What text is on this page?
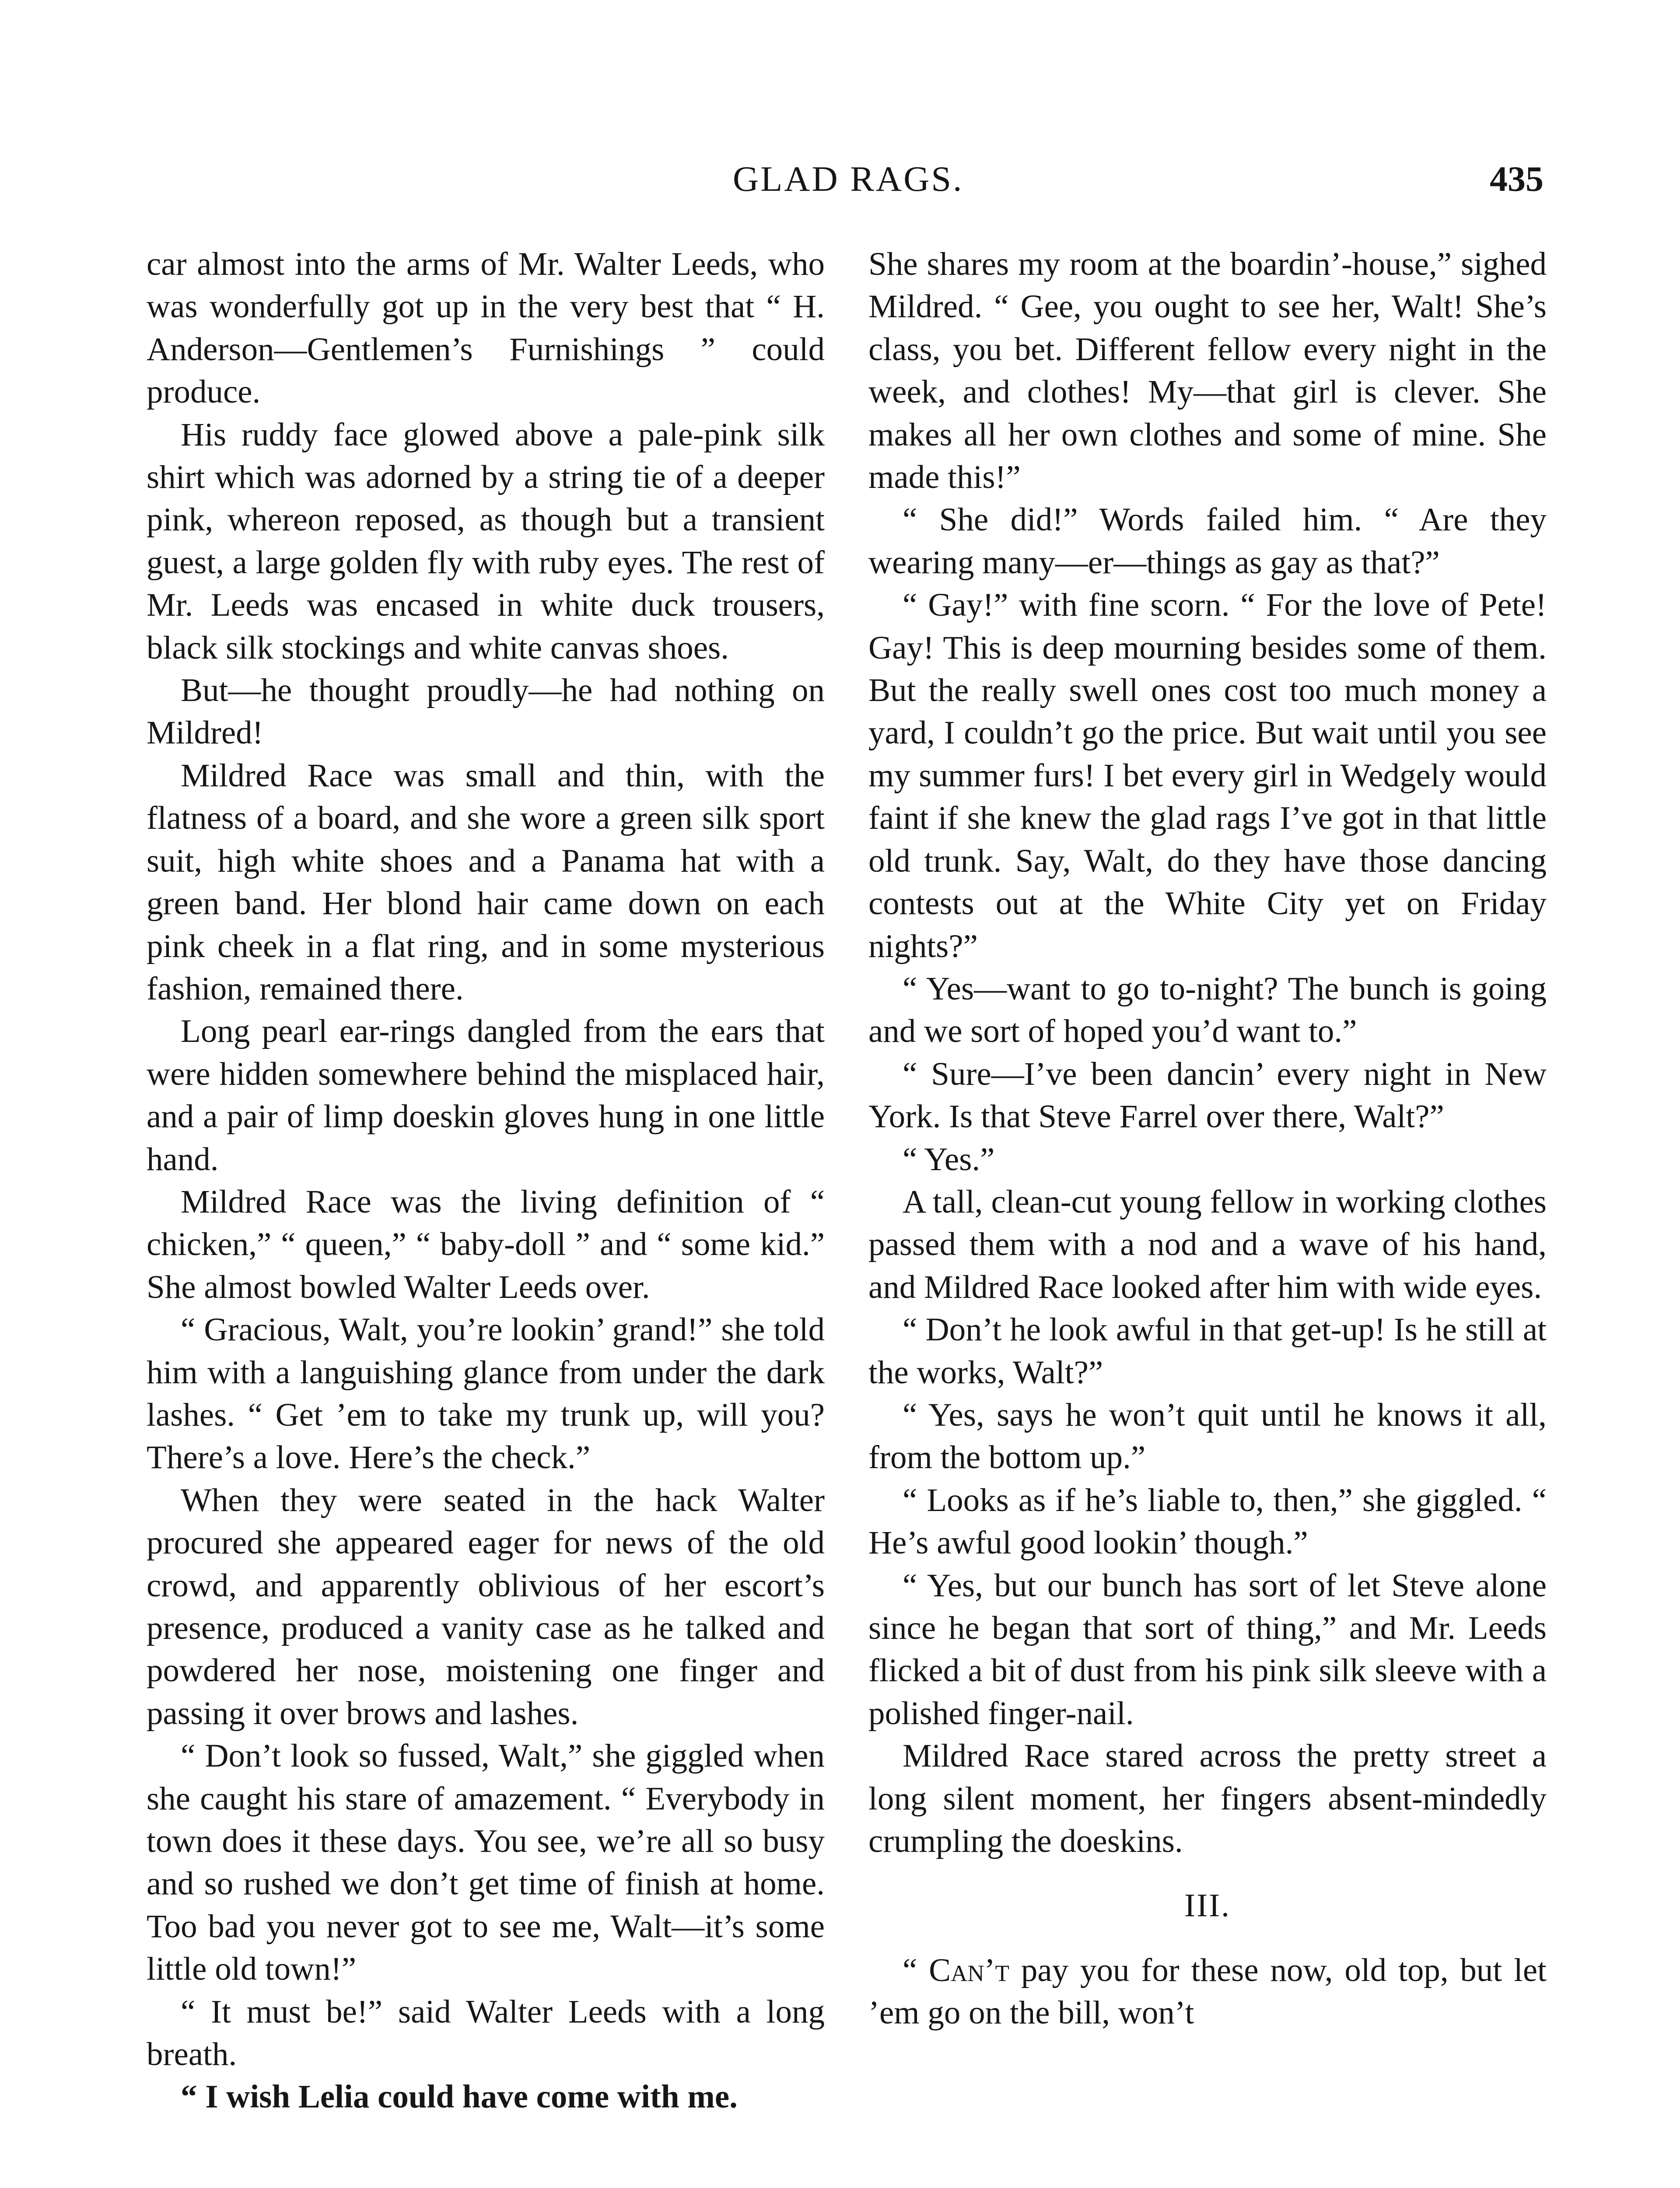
GLAD RAGS.	435

car almost into the arms of Mr. Walter Leeds, who was wonderfully got up in the very best that “ H. Anderson—Gentlemen’s Furnishings ” could produce.

His ruddy face glowed above a pale-pink silk shirt which was adorned by a string tie of a deeper pink, whereon reposed, as though but a transient guest, a large golden fly with ruby eyes. The rest of Mr. Leeds was encased in white duck trousers, black silk stockings and white canvas shoes.

But—he thought proudly—he had nothing on Mildred!

Mildred Race was small and thin, with the flatness of a board, and she wore a green silk sport suit, high white shoes and a Panama hat with a green band. Her blond hair came down on each pink cheek in a flat ring, and in some mysterious fashion, remained there.

Long pearl ear-rings dangled from the ears that were hidden somewhere behind the misplaced hair, and a pair of limp doeskin gloves hung in one little hand.

Mildred Race was the living definition of “ chicken,” “ queen,” “ baby-doll ” and “ some kid.” She almost bowled Walter Leeds over.

“ Gracious, Walt, you’re lookin’ grand!” she told him with a languishing glance from under the dark lashes. “ Get ’em to take my trunk up, will you? There’s a love. Here’s the check.”

When they were seated in the hack Walter procured she appeared eager for news of the old crowd, and apparently oblivious of her escort’s presence, produced a vanity case as he talked and powdered her nose, moistening one finger and passing it over brows and lashes.

“ Don’t look so fussed, Walt,” she giggled when she caught his stare of amazement. “ Everybody in town does it these days. You see, we’re all so busy and so rushed we don’t get time of finish at home. Too bad you never got to see me, Walt—it’s some little old town!”

“ It must be!” said Walter Leeds with a long breath.

“ I wish Lelia could have come with me.

She shares my room at the boardin’-house,” sighed Mildred. “ Gee, you ought to see her, Walt! She’s class, you bet. Different fellow every night in the week, and clothes! My—that girl is clever. She makes all her own clothes and some of mine. She made this!”

“ She did!” Words failed him. “ Are they wearing many—er—things as gay as that?”

“ Gay!” with fine scorn. “ For the love of Pete! Gay! This is deep mourning besides some of them. But the really swell ones cost too much money a yard, I couldn’t go the price. But wait until you see my summer furs! I bet every girl in Wedgely would faint if she knew the glad rags I’ve got in that little old trunk. Say, Walt, do they have those dancing contests out at the White City yet on Friday nights?”

“ Yes—want to go to-night? The bunch is going and we sort of hoped you’d want to.”

“ Sure—I’ve been dancin’ every night in New York. Is that Steve Farrel over there, Walt?”

“ Yes.”

A tall, clean-cut young fellow in working clothes passed them with a nod and a wave of his hand, and Mildred Race looked after him with wide eyes.

“ Don’t he look awful in that get-up! Is he still at the works, Walt?”

“ Yes, says he won’t quit until he knows it all, from the bottom up.”

“ Looks as if he’s liable to, then,” she giggled. “ He’s awful good lookin’ though.”

“ Yes, but our bunch has sort of let Steve alone since he began that sort of thing,” and Mr. Leeds flicked a bit of dust from his pink silk sleeve with a polished finger-nail.

Mildred Race stared across the pretty street a long silent moment, her fingers absent-mindedly crumpling the doeskins.

III.

“ Can’t pay you for these now, old top, but let ’em go on the bill, won’t
